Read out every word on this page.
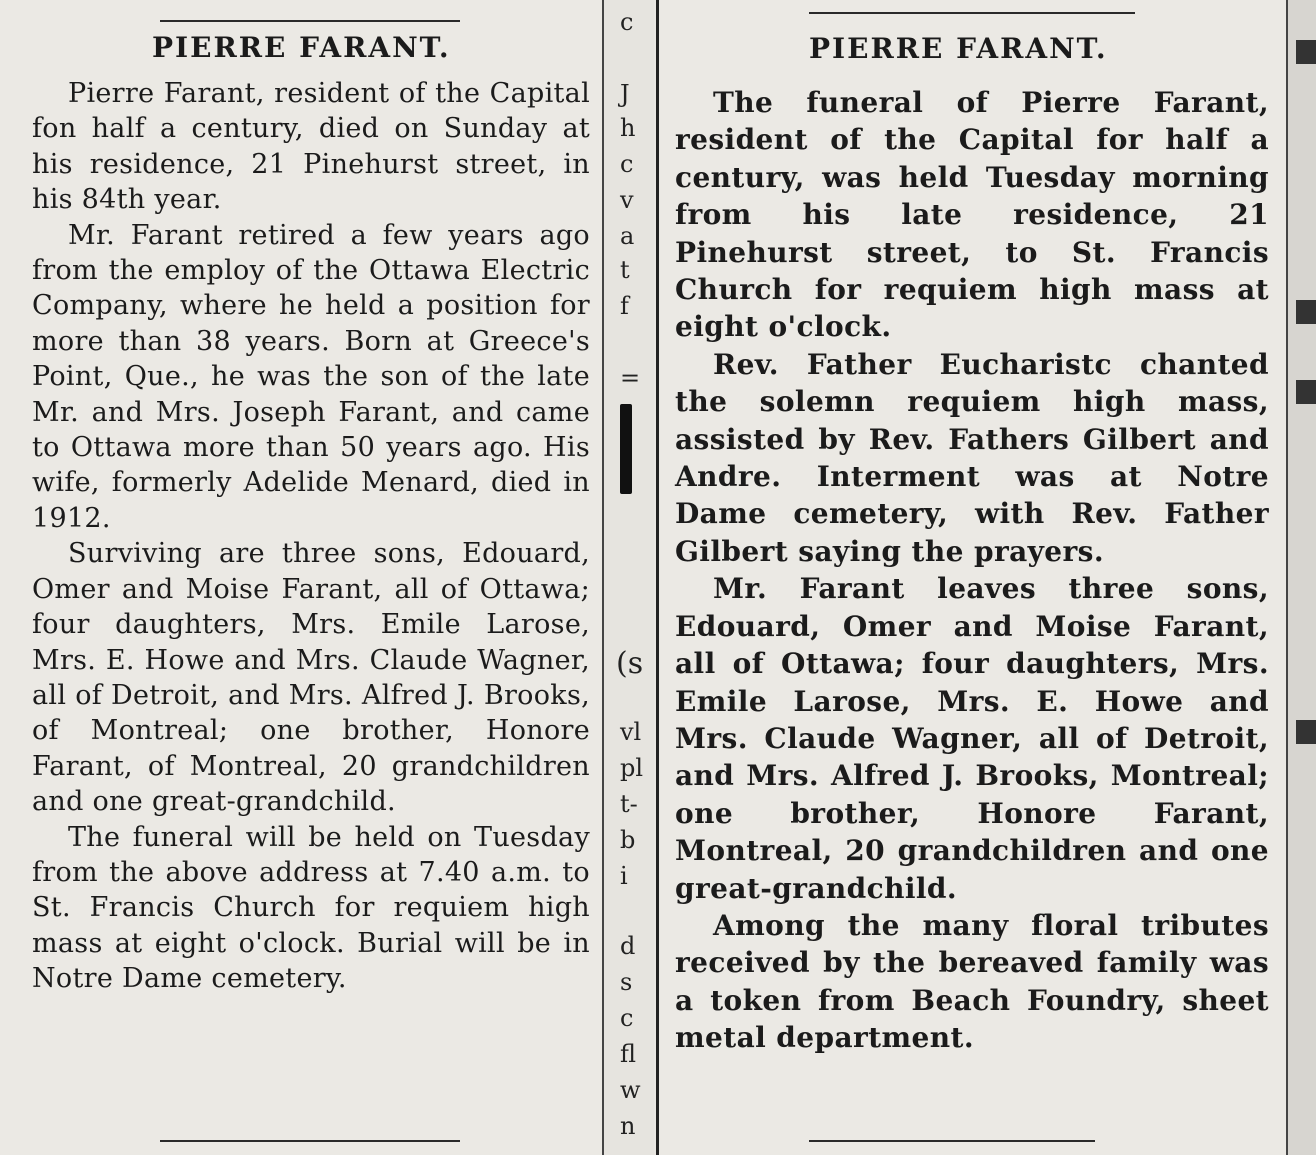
PIERRE FARANT.

Pierre Farant, resident of the Capital fon half a century, died on Sunday at his residence, 21 Pinehurst street, in his 84th year.

Mr. Farant retired a few years ago from the employ of the Ottawa Electric Company, where he held a position for more than 38 years. Born at Greece's Point, Que., he was the son of the late Mr. and Mrs. Joseph Farant, and came to Ottawa more than 50 years ago. His wife, formerly Adelide Menard, died in 1912.

Surviving are three sons, Edouard, Omer and Moise Farant, all of Ottawa; four daughters, Mrs. Emile Larose, Mrs. E. Howe and Mrs. Claude Wagner, all of Detroit, and Mrs. Alfred J. Brooks, of Montreal; one brother, Honore Farant, of Montreal, 20 grandchildren and one great-grandchild.

The funeral will be held on Tuesday from the above address at 7.40 a.m. to St. Francis Church for requiem high mass at eight o'clock. Burial will be in Notre Dame cemetery.

c
J
h
c
v
a
t
f
=
(s
vl
pl
t-
b
i
d
s
c
fl
w
n
PIERRE FARANT.

The funeral of Pierre Farant, resident of the Capital for half a century, was held Tuesday morning from his late residence, 21 Pinehurst street, to St. Francis Church for requiem high mass at eight o'clock.

Rev. Father Eucharistc chanted the solemn requiem high mass, assisted by Rev. Fathers Gilbert and Andre. Interment was at Notre Dame cemetery, with Rev. Father Gilbert saying the prayers.

Mr. Farant leaves three sons, Edouard, Omer and Moise Farant, all of Ottawa; four daughters, Mrs. Emile Larose, Mrs. E. Howe and Mrs. Claude Wagner, all of Detroit, and Mrs. Alfred J. Brooks, Montreal; one brother, Honore Farant, Montreal, 20 grandchildren and one great-grandchild.

Among the many floral tributes received by the bereaved family was a token from Beach Foundry, sheet metal department.
